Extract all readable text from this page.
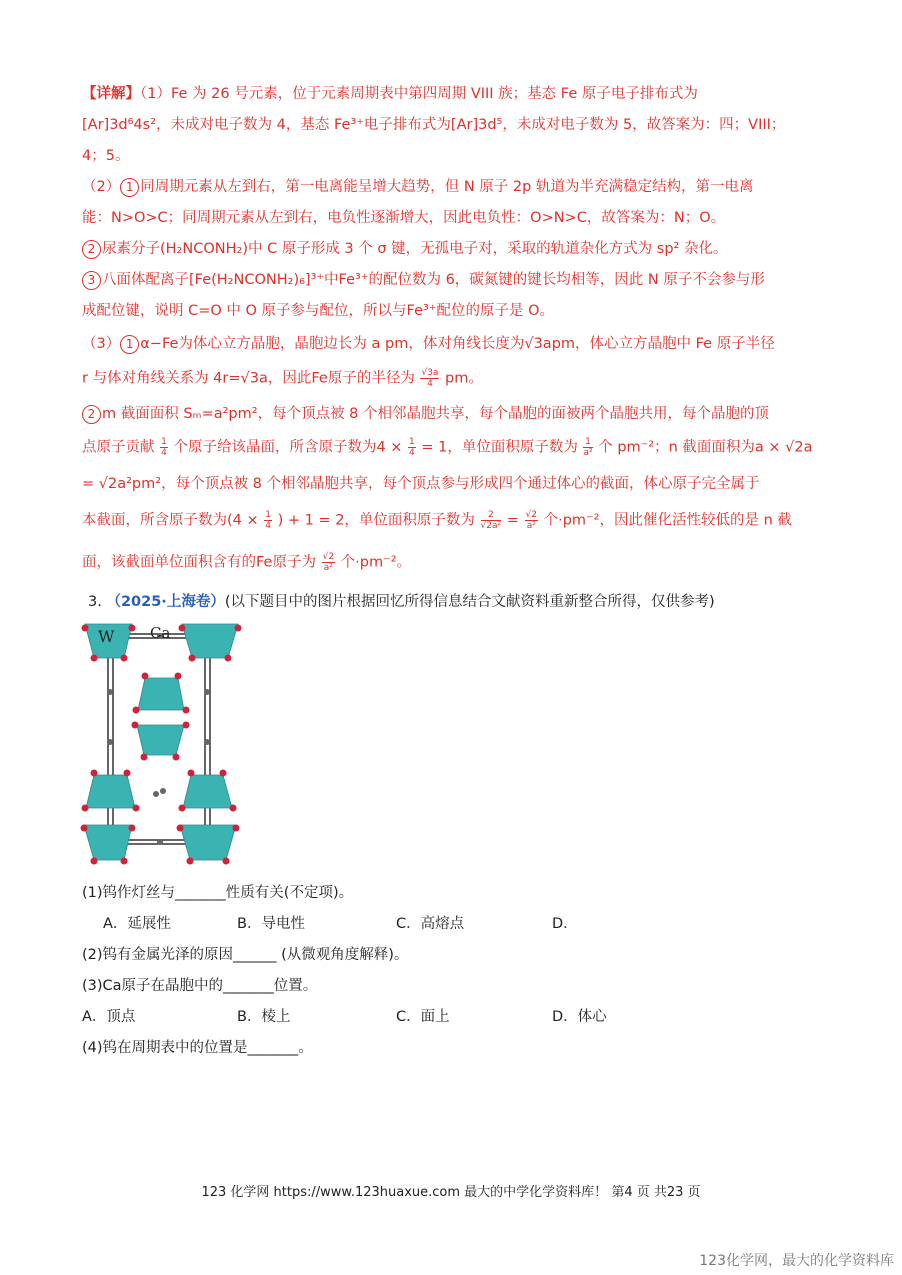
【详解】（1）Fe 为 26 号元素，位于元素周期表中第四周期 VIII 族；基态 Fe 原子电子排布式为
[Ar]3d⁶4s²，未成对电子数为 4，基态 Fe³⁺电子排布式为[Ar]3d⁵，未成对电子数为 5，故答案为：四；VIII；
4；5。
（2） 1 同周期元素从左到右，第一电离能呈增大趋势，但 N 原子 2p 轨道为半充满稳定结构，第一电离
能：N>O>C；同周期元素从左到右，电负性逐渐增大，因此电负性：O>N>C，故答案为：N；O。
2 尿素分子(H₂NCONH₂)中 C 原子形成 3 个 σ 键，无孤电子对，采取的轨道杂化方式为 sp² 杂化。
3 八面体配离子[Fe(H₂NCONH₂)₆]³⁺中Fe³⁺的配位数为 6，碳氮键的键长均相等，因此 N 原子不会参与形
成配位键，说明 C=O 中 O 原子参与配位，所以与Fe³⁺配位的原子是 O。
（3） 1 α−Fe为体心立方晶胞，晶胞边长为 a pm，体对角线长度为√3apm，体心立方晶胞中 Fe 原子半径
r 与体对角线关系为 4r=√3a，因此Fe原子的半径为 $\frac{√3a}{4}$ pm。
2 m 截面面积 Sₘ=a²pm²，每个顶点被 8 个相邻晶胞共享，每个晶胞的面被两个晶胞共用，每个晶胞的顶
点原子贡献 $\frac{1}{4}$ 个原子给该晶面，所含原子数为$4 \times \frac{1}{4} = 1$，单位面积原子数为 $\frac{1}{\text{a²}}$ 个 pm⁻²；n 截面面积为a × √2a
= √2a²pm²，每个顶点被 8 个相邻晶胞共享，每个顶点参与形成四个通过体心的截面，体心原子完全属于
本截面，所含原子数为($4 \times \frac{1}{4}$ ) + 1 = 2，单位面积原子数为 $\frac{2}{\text{√2a²}} = \frac{√2}{\text{a²}}$ 个·pm⁻²，因此催化活性较低的是 n 截
面，该截面单位面积含有的Fe原子为 $\frac{√2}{\text{a²}}$ 个·pm⁻²。
3. （2025·上海卷）(以下题目中的图片根据回忆所得信息结合文献资料重新整合所得，仅供参考)
W Ca
(1)钨作灯丝与_______性质有关(不定项)。
A．延展性	B．导电性	C．高熔点	D．
(2)钨有金属光泽的原因______ (从微观角度解释)。
(3)Ca原子在晶胞中的_______位置。
A．顶点	B．棱上	C．面上	D．体心
(4)钨在周期表中的位置是_______。
123 化学网 https://www.123huaxue.com 最大的中学化学资料库！ 第4 页 共23 页
123化学网，最大的化学资料库
